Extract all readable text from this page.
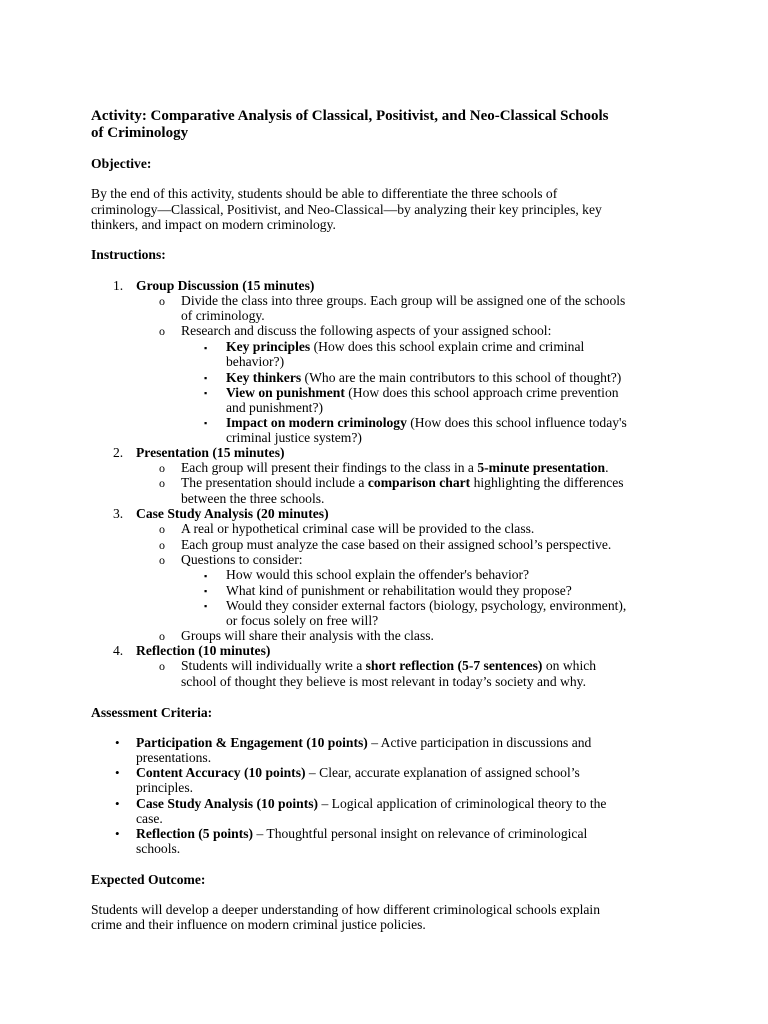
Activity: Comparative Analysis of Classical, Positivist, and Neo-Classical Schools
of Criminology
Objective:
By the end of this activity, students should be able to differentiate the three schools of
criminology—Classical, Positivist, and Neo-Classical—by analyzing their key principles, key
thinkers, and impact on modern criminology.
Instructions:
1. Group Discussion (15 minutes)
o Divide the class into three groups. Each group will be assigned one of the schools
of criminology.
o Research and discuss the following aspects of your assigned school:
▪ Key principles (How does this school explain crime and criminal
behavior?)
▪ Key thinkers (Who are the main contributors to this school of thought?)
▪ View on punishment (How does this school approach crime prevention
and punishment?)
▪ Impact on modern criminology (How does this school influence today's
criminal justice system?)
2. Presentation (15 minutes)
o Each group will present their findings to the class in a 5-minute presentation.
o The presentation should include a comparison chart highlighting the differences
between the three schools.
3. Case Study Analysis (20 minutes)
o A real or hypothetical criminal case will be provided to the class.
o Each group must analyze the case based on their assigned school’s perspective.
o Questions to consider:
▪ How would this school explain the offender's behavior?
▪ What kind of punishment or rehabilitation would they propose?
▪ Would they consider external factors (biology, psychology, environment),
or focus solely on free will?
o Groups will share their analysis with the class.
4. Reflection (10 minutes)
o Students will individually write a short reflection (5-7 sentences) on which
school of thought they believe is most relevant in today’s society and why.
Assessment Criteria:
• Participation & Engagement (10 points) – Active participation in discussions and
presentations.
• Content Accuracy (10 points) – Clear, accurate explanation of assigned school’s
principles.
• Case Study Analysis (10 points) – Logical application of criminological theory to the
case.
• Reflection (5 points) – Thoughtful personal insight on relevance of criminological
schools.
Expected Outcome:
Students will develop a deeper understanding of how different criminological schools explain
crime and their influence on modern criminal justice policies.
